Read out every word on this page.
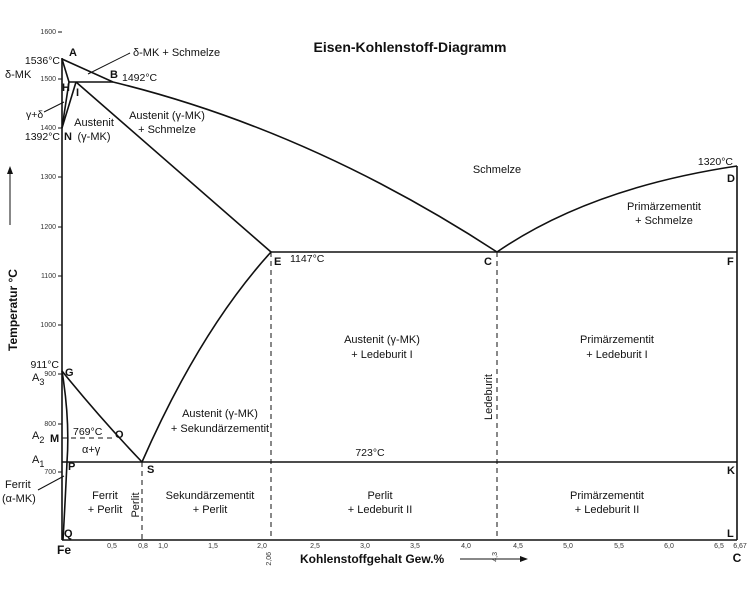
Eisen-Kohlenstoff-Diagramm
700
800
900
1000
1100
1200
1300
1400
1500
1600
0,5	0,8 1,0	1,5	2,0
2,06
2,5	3,0	3,5	4,0
4,3
4,5	5,0	5,5	6,0	6,5 6,67
Fe
C
Kohlenstoffgehalt Gew.%
Temperatur °C
A
B
H I
N
E	C	F
D
G
M	O
P	S	K
Q	L
1536°C
1492°C
1392°C
1147°C
1320°C
911°C
769°C
723°C
δ-MK
γ+δ
$A_3$
$A_2$
$A_1$
Ferrit
(α-MK)
δ-MK + Schmelze
Austenit (γ-MK)
+ Schmelze
Austenit
(γ-MK)
Schmelze
Primärzementit
+ Schmelze
Austenit (γ-MK)
+ Ledeburit I
Primärzementit
+ Ledeburit I
Austenit (γ-MK)
+ Sekundärzementit
α+γ
Ferrit
+ Perlit Perlit Sekundärzementit
+ Perlit
Perlit
+ Ledeburit II
Primärzementit
+ Ledeburit II
Ledeburit
